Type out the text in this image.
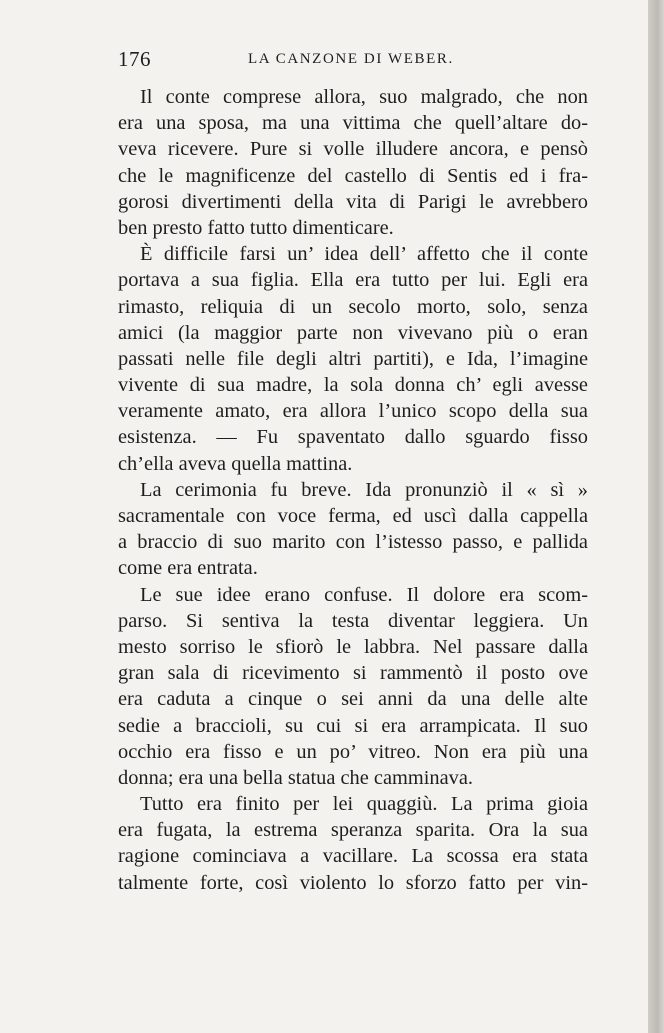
176	LA CANZONE DI WEBER.
Il conte comprese allora, suo malgrado, che non
era una sposa, ma una vittima che quell’altare do-
veva ricevere. Pure si volle illudere ancora, e pensò
che le magnificenze del castello di Sentis ed i fra-
gorosi divertimenti della vita di Parigi le avrebbero
ben presto fatto tutto dimenticare.
È difficile farsi un’ idea dell’ affetto che il conte
portava a sua figlia. Ella era tutto per lui. Egli era
rimasto, reliquia di un secolo morto, solo, senza
amici (la maggior parte non vivevano più o eran
passati nelle file degli altri partiti), e Ida, l’imagine
vivente di sua madre, la sola donna ch’ egli avesse
veramente amato, era allora l’unico scopo della sua
esistenza. — Fu spaventato dallo sguardo fisso
ch’ella aveva quella mattina.
La cerimonia fu breve. Ida pronunziò il « sì »
sacramentale con voce ferma, ed uscì dalla cappella
a braccio di suo marito con l’istesso passo, e pallida
come era entrata.
Le sue idee erano confuse. Il dolore era scom-
parso. Si sentiva la testa diventar leggiera. Un
mesto sorriso le sfiorò le labbra. Nel passare dalla
gran sala di ricevimento si rammentò il posto ove
era caduta a cinque o sei anni da una delle alte
sedie a braccioli, su cui si era arrampicata. Il suo
occhio era fisso e un po’ vitreo. Non era più una
donna; era una bella statua che camminava.
Tutto era finito per lei quaggiù. La prima gioia
era fugata, la estrema speranza sparita. Ora la sua
ragione cominciava a vacillare. La scossa era stata
talmente forte, così violento lo sforzo fatto per vin-
